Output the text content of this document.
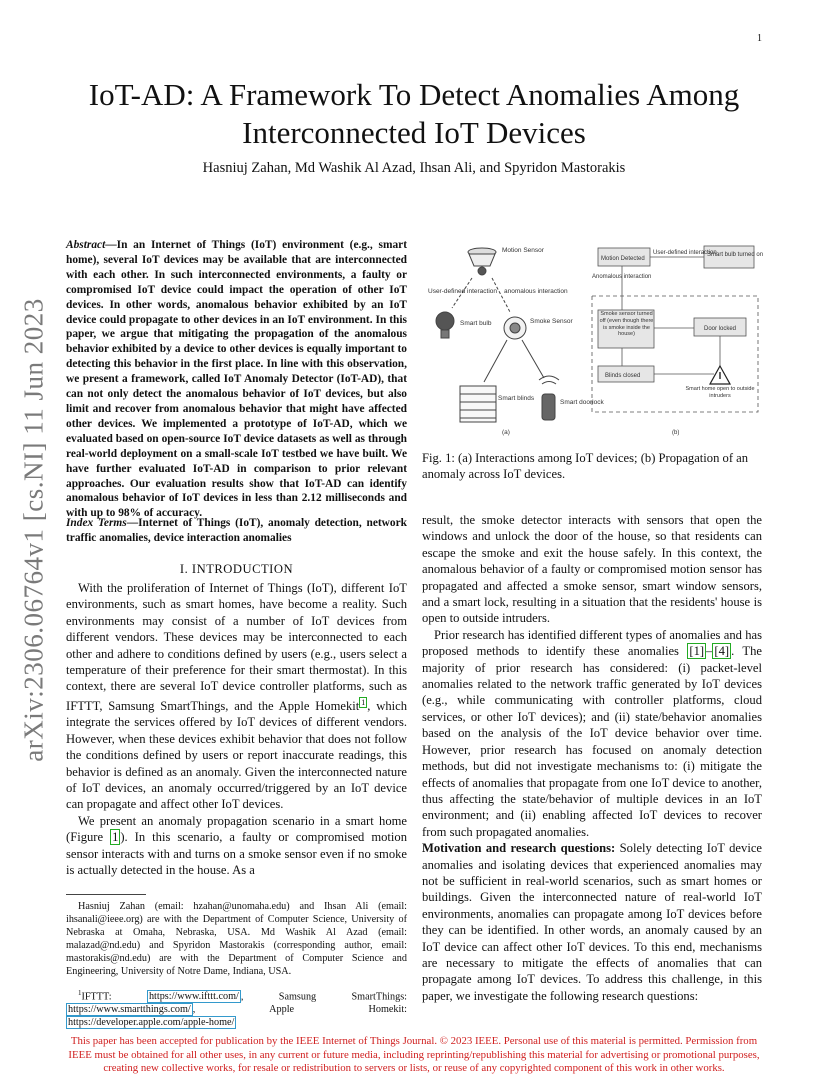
1
arXiv:2306.06764v1 [cs.NI] 11 Jun 2023
IoT-AD: A Framework To Detect Anomalies Among Interconnected IoT Devices
Hasniuj Zahan, Md Washik Al Azad, Ihsan Ali, and Spyridon Mastorakis
Abstract—In an Internet of Things (IoT) environment (e.g., smart home), several IoT devices may be available that are interconnected with each other. In such interconnected environments, a faulty or compromised IoT device could impact the operation of other IoT devices. In other words, anomalous behavior exhibited by an IoT device could propagate to other devices in an IoT environment. In this paper, we argue that mitigating the propagation of the anomalous behavior exhibited by a device to other devices is equally important to detecting this behavior in the first place. In line with this observation, we present a framework, called IoT Anomaly Detector (IoT-AD), that can not only detect the anomalous behavior of IoT devices, but also limit and recover from anomalous behavior that might have affected other devices. We implemented a prototype of IoT-AD, which we evaluated based on open-source IoT device datasets as well as through real-world deployment on a small-scale IoT testbed we have built. We have further evaluated IoT-AD in comparison to prior relevant approaches. Our evaluation results show that IoT-AD can identify anomalous behavior of IoT devices in less than 2.12 milliseconds and with up to 98% of accuracy.
Index Terms—Internet of Things (IoT), anomaly detection, network traffic anomalies, device interaction anomalies
I. INTRODUCTION

With the proliferation of Internet of Things (IoT), different IoT environments, such as smart homes, have become a reality. Such environments may consist of a number of IoT devices from different vendors. These devices may be interconnected to each other and adhere to conditions defined by users (e.g., users select a temperature of their preference for their smart thermostat). In this context, there are several IoT device controller platforms, such as IFTTT, Samsung SmartThings, and the Apple Homekit $^1$ , which integrate the services offered by IoT devices of different vendors. However, when these devices exhibit behavior that does not follow the conditions defined by users or report inaccurate readings, this behavior is defined as an anomaly. Given the interconnected nature of IoT devices, an anomaly occurred/triggered by an IoT device can propagate and affect other IoT devices.

We present an anomaly propagation scenario in a smart home (Figure 1 ). In this scenario, a faulty or compromised motion sensor interacts with and turns on a smoke sensor even if no smoke is actually detected in the house. As a

Hasniuj Zahan (email: hzahan@unomaha.edu) and Ihsan Ali (email: ihsanali@ieee.org) are with the Department of Computer Science, University of Nebraska at Omaha, Nebraska, USA. Md Washik Al Azad (email: malazad@nd.edu) and Spyridon Mastorakis (corresponding author, email: mastorakis@nd.edu) are with the Department of Computer Science and Engineering, University of Notre Dame, Indiana, USA.
$^1$IFTTT: https://www.ifttt.com/ , Samsung SmartThings: https://www.smartthings.com/ , Apple Homekit: https://developer.apple.com/apple-home/
Motion Sensor
User-defined interaction anomalous interaction
Smart bulb	Smoke Sensor
Smart blinds
Smart doorlock
(a)
Motion Detected
User-defined interaction
Smart bulb turned on
Anomalous interaction
Smoke sensor turned off (even though there is smoke inside the house)
Door locked
Blinds closed
Smart home open to outside intruders
(b)
Fig. 1: (a) Interactions among IoT devices; (b) Propagation of an anomaly across IoT devices.

result, the smoke detector interacts with sensors that open the windows and unlock the door of the house, so that residents can escape the smoke and exit the house safely. In this context, the anomalous behavior of a faulty or compromised motion sensor has propagated and affected a smoke sensor, smart window sensors, and a smart lock, resulting in a situation that the residents' house is open to outside intruders.

Prior research has identified different types of anomalies and has proposed methods to identify these anomalies [1] – [4] . The majority of prior research has considered: (i) packet-level anomalies related to the network traffic generated by IoT devices (e.g., while communicating with controller platforms, cloud services, or other IoT devices); and (ii) state/behavior anomalies based on the analysis of the IoT device behavior over time. However, prior research has focused on anomaly detection methods, but did not investigate mechanisms to: (i) mitigate the effects of anomalies that propagate from one IoT device to another, thus affecting the state/behavior of multiple devices in an IoT environment; and (ii) enabling affected IoT devices to recover from such propagated anomalies.

Motivation and research questions: Solely detecting IoT device anomalies and isolating devices that experienced anomalies may not be sufficient in real-world scenarios, such as smart homes or buildings. Given the interconnected nature of real-world IoT environments, anomalies can propagate among IoT devices before they can be identified. In other words, an anomaly caused by an IoT device can affect other IoT devices. To this end, mechanisms are necessary to mitigate the effects of anomalies that can propagate among IoT devices. To address this challenge, in this paper, we investigate the following research questions:

This paper has been accepted for publication by the IEEE Internet of Things Journal. © 2023 IEEE. Personal use of this material is permitted. Permission from IEEE must be obtained for all other uses, in any current or future media, including reprinting/republishing this material for advertising or promotional purposes, creating new collective works, for resale or redistribution to servers or lists, or reuse of any copyrighted component of this work in other works.
